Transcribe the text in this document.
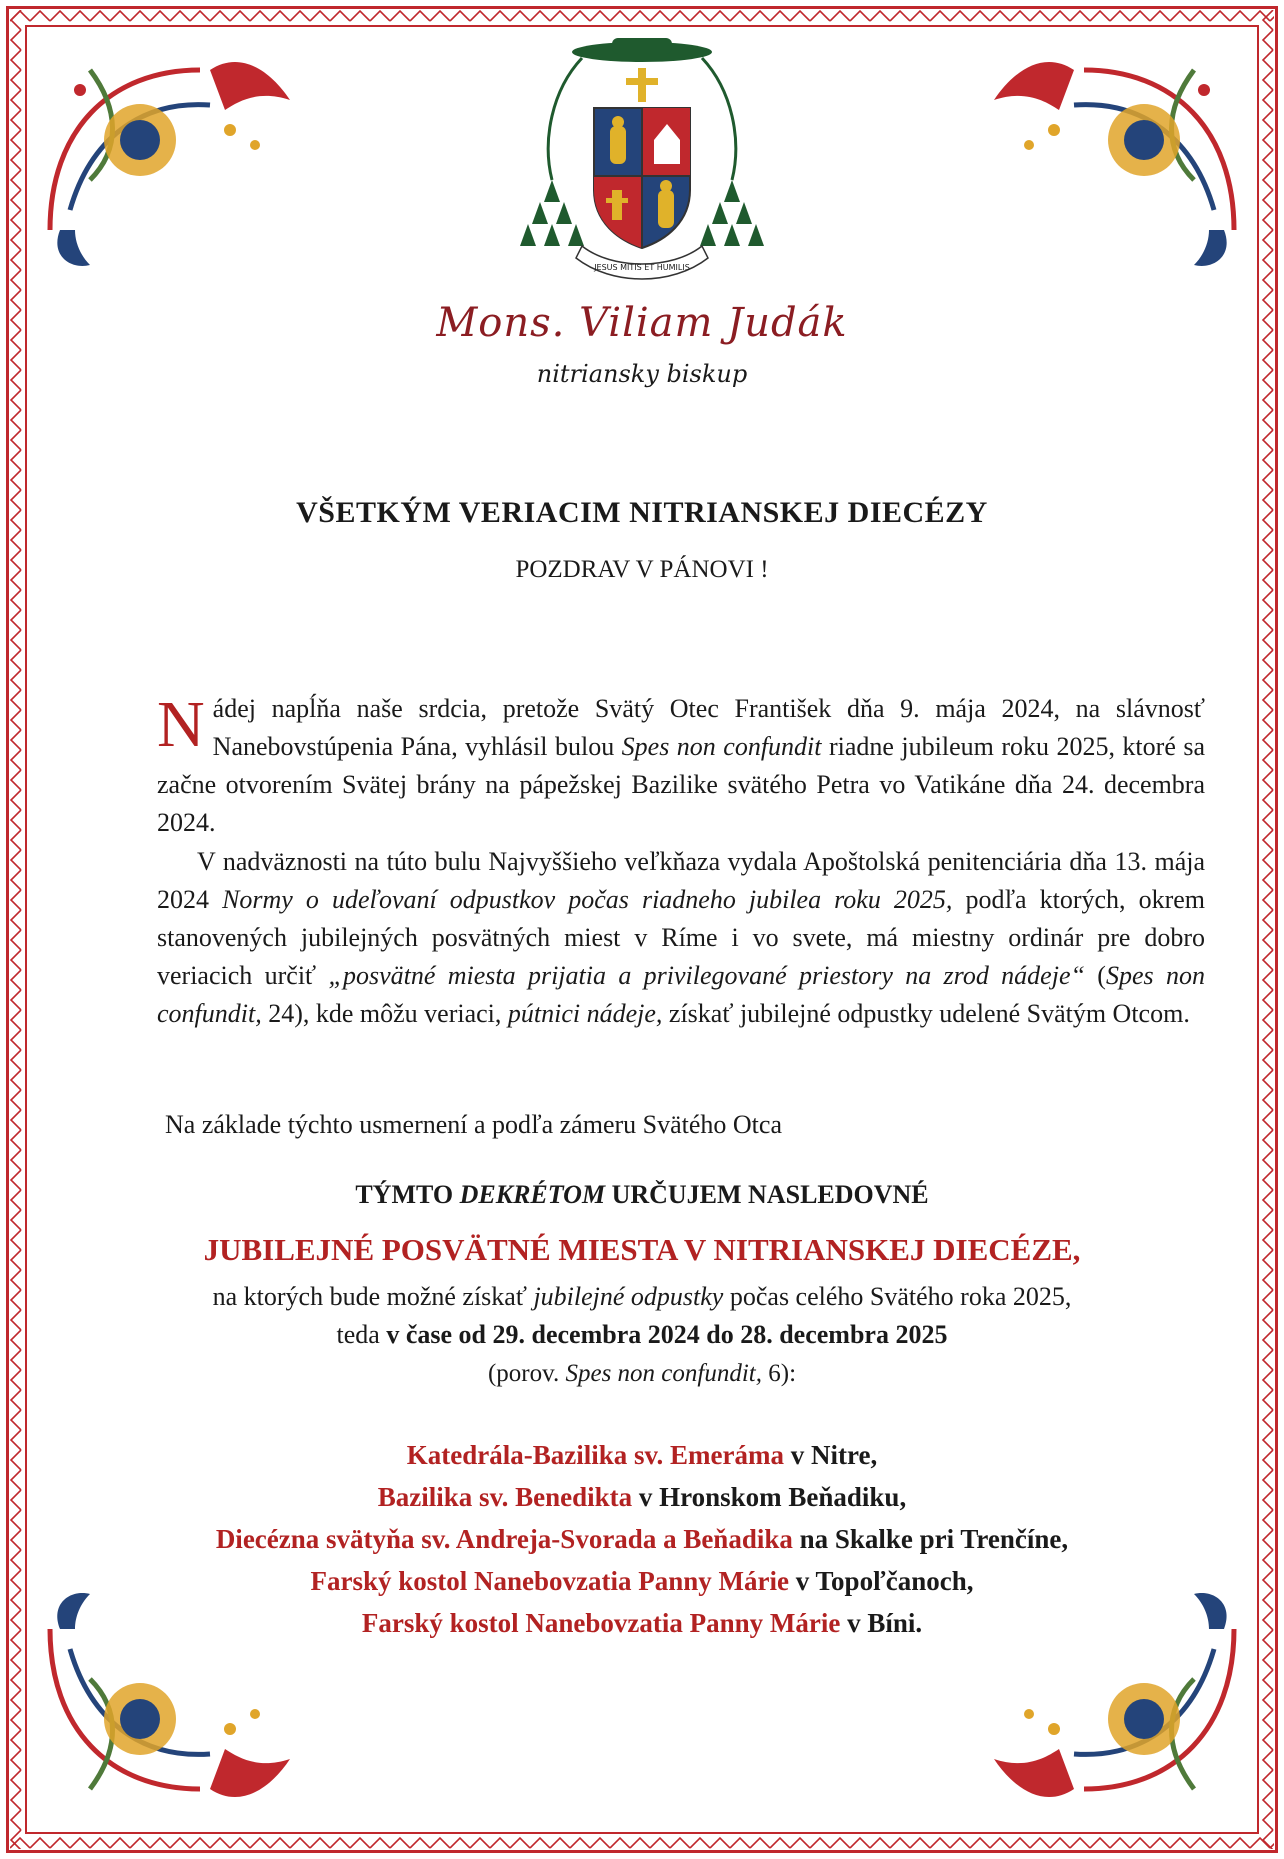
JESUS MITIS ET HUMILIS
Mons. Viliam Judák
nitriansky biskup
VŠETKÝM VERIACIM NITRIANSKEJ DIECÉZY
POZDRAV V PÁNOVI !
Nádej napĺňa naše srdcia, pretože Svätý Otec František dňa 9. mája 2024, na slávnosť Nanebovstúpenia Pána, vyhlásil bulou Spes non confundit riadne jubileum roku 2025, ktoré sa začne otvorením Svätej brány na pápežskej Bazilike svätého Petra vo Vatikáne dňa 24. decembra 2024.
V nadväznosti na túto bulu Najvyššieho veľkňaza vydala Apoštolská penitenciária dňa 13. mája 2024 Normy o udeľovaní odpustkov počas riadneho jubilea roku 2025, podľa ktorých, okrem stanovených jubilejných posvätných miest v Ríme i vo svete, má miestny ordinár pre dobro veriacich určiť „posvätné miesta prijatia a privilegované priestory na zrod nádeje“ (Spes non confundit, 24), kde môžu veriaci, pútnici nádeje, získať jubilejné odpustky udelené Svätým Otcom.
Na základe týchto usmernení a podľa zámeru Svätého Otca
TÝMTO DEKRÉTOM URČUJEM NASLEDOVNÉ
JUBILEJNÉ POSVÄTNÉ MIESTA V NITRIANSKEJ DIECÉZE,
na ktorých bude možné získať jubilejné odpustky počas celého Svätého roka 2025,
teda v čase od 29. decembra 2024 do 28. decembra 2025
(porov. Spes non confundit, 6):
Katedrála-Bazilika sv. Emeráma v Nitre,
Bazilika sv. Benedikta v Hronskom Beňadiku,
Diecézna svätyňa sv. Andreja-Svorada a Beňadika na Skalke pri Trenčíne,
Farský kostol Nanebovzatia Panny Márie v Topoľčanoch,
Farský kostol Nanebovzatia Panny Márie v Bíni.
